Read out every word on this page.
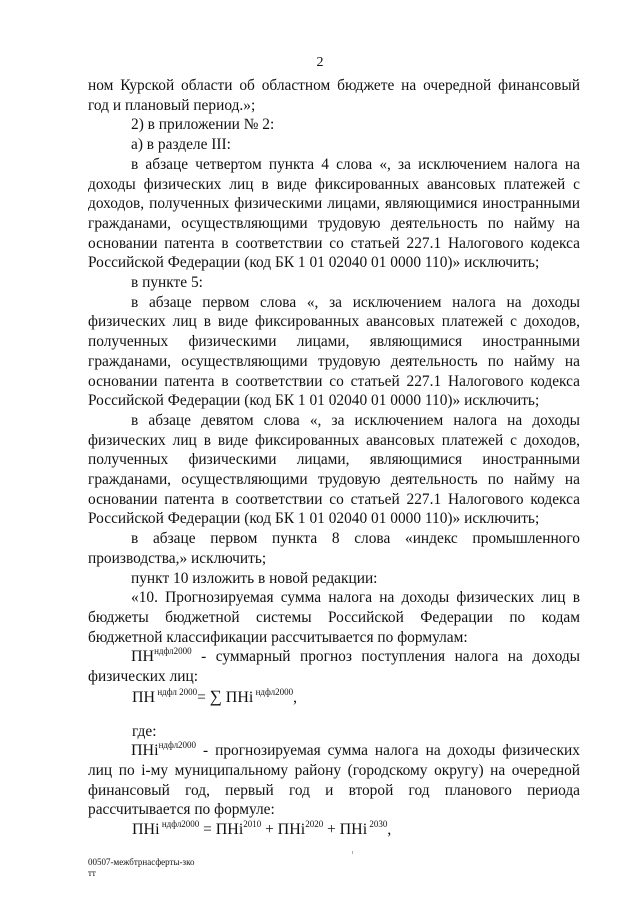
2

ном Курской области об областном бюджете на очередной финансовый год и плановый период.»;

2) в приложении № 2:

а) в разделе III:

в абзаце четвертом пункта 4 слова «, за исключением налога на доходы физических лиц в виде фиксированных авансовых платежей с доходов, полученных физическими лицами, являющимися иностранными гражданами, осуществляющими трудовую деятельность по найму на основании патента в соответствии со статьей 227.1 Налогового кодекса Российской Федерации (код БК 1 01 02040 01 0000 110)» исключить;

в пункте 5:

в абзаце первом слова «, за исключением налога на доходы физических лиц в виде фиксированных авансовых платежей с доходов, полученных физическими лицами, являющимися иностранными гражданами, осуществляющими трудовую деятельность по найму на основании патента в соответствии со статьей 227.1 Налогового кодекса Российской Федерации (код БК 1 01 02040 01 0000 110)» исключить;

в абзаце девятом слова «, за исключением налога на доходы физических лиц в виде фиксированных авансовых платежей с доходов, полученных физическими лицами, являющимися иностранными гражданами, осуществляющими трудовую деятельность по найму на основании патента в соответствии со статьей 227.1 Налогового кодекса Российской Федерации (код БК 1 01 02040 01 0000 110)» исключить;

в абзаце первом пункта 8 слова «индекс промышленного производства,» исключить;

пункт 10 изложить в новой редакции:

«10. Прогнозируемая сумма налога на доходы физических лиц в бюджеты бюджетной системы Российской Федерации по кодам бюджетной классификации рассчитывается по формулам:

$ПН^{ндфл2000}$ - суммарный прогноз поступления налога на доходы физических лиц:

ПН $^{ндфл 2000}$= ∑ ПНi $^{ндфл2000}$,

где:

ПНi$^{ндфл2000}$ - прогнозируемая сумма налога на доходы физических лиц по i-му муниципальному району (городскому округу) на очередной финансовый год, первый год и второй год планового периода рассчитывается по формуле:

ПНi $^{ндфл2000}$ = ПНi$^{2010}$ + ПНi$^{2020}$ + ПНi $^{2030}$,

00507-межбтрнасферты-зко
тт
